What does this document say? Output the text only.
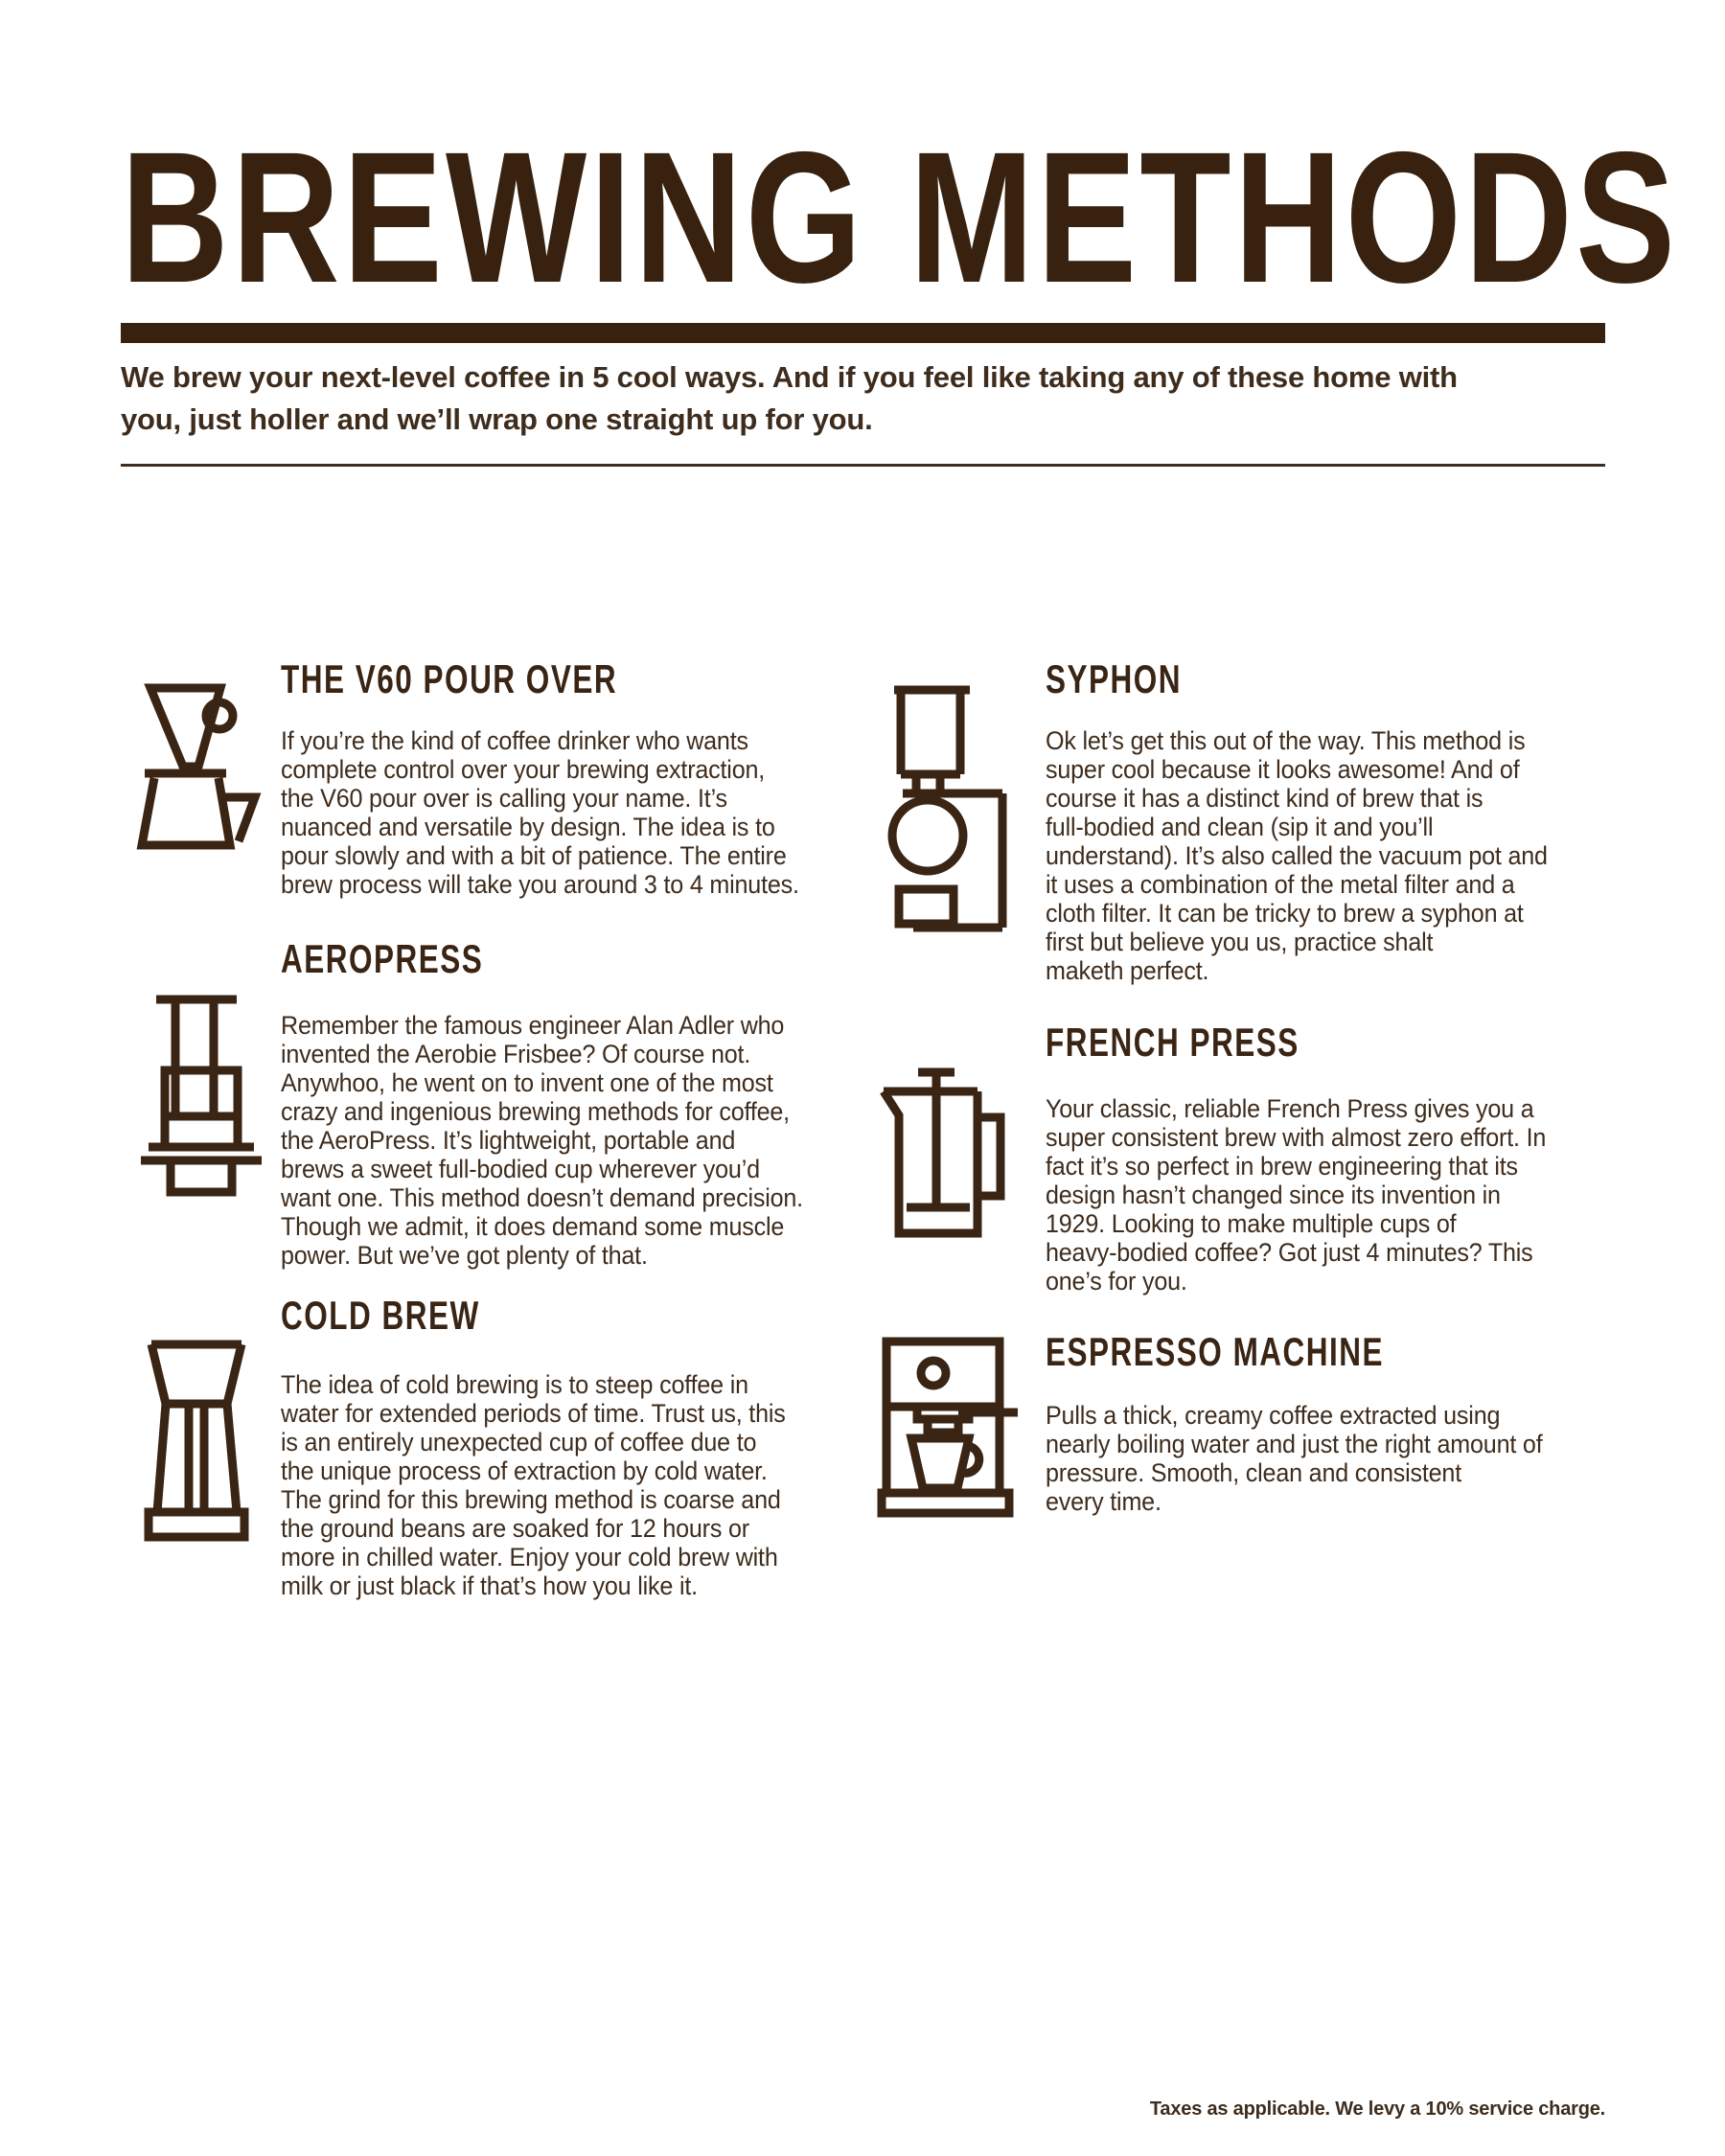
BREWING METHODS
We brew your next-level coffee in 5 cool ways. And if you feel like taking any of these home with
you, just holler and we’ll wrap one straight up for you.
THE V60 POUR OVER
If you’re the kind of coffee drinker who wants
complete control over your brewing extraction,
the V60 pour over is calling your name. It’s
nuanced and versatile by design. The idea is to
pour slowly and with a bit of patience. The entire
brew process will take you around 3 to 4 minutes.
AEROPRESS
Remember the famous engineer Alan Adler who
invented the Aerobie Frisbee? Of course not.
Anywhoo, he went on to invent one of the most
crazy and ingenious brewing methods for coffee,
the AeroPress. It’s lightweight, portable and
brews a sweet full-bodied cup wherever you’d
want one. This method doesn’t demand precision.
Though we admit, it does demand some muscle
power. But we’ve got plenty of that.
COLD BREW
The idea of cold brewing is to steep coffee in
water for extended periods of time. Trust us, this
is an entirely unexpected cup of coffee due to
the unique process of extraction by cold water.
The grind for this brewing method is coarse and
the ground beans are soaked for 12 hours or
more in chilled water. Enjoy your cold brew with
milk or just black if that’s how you like it.
SYPHON
Ok let’s get this out of the way. This method is
super cool because it looks awesome! And of
course it has a distinct kind of brew that is
full-bodied and clean (sip it and you’ll
understand). It’s also called the vacuum pot and
it uses a combination of the metal filter and a
cloth filter. It can be tricky to brew a syphon at
first but believe you us, practice shalt
maketh perfect.
FRENCH PRESS
Your classic, reliable French Press gives you a
super consistent brew with almost zero effort. In
fact it’s so perfect in brew engineering that its
design hasn’t changed since its invention in
1929. Looking to make multiple cups of
heavy-bodied coffee? Got just 4 minutes? This
one’s for you.
ESPRESSO MACHINE
Pulls a thick, creamy coffee extracted using
nearly boiling water and just the right amount of
pressure. Smooth, clean and consistent
every time.
Taxes as applicable. We levy a 10% service charge.
